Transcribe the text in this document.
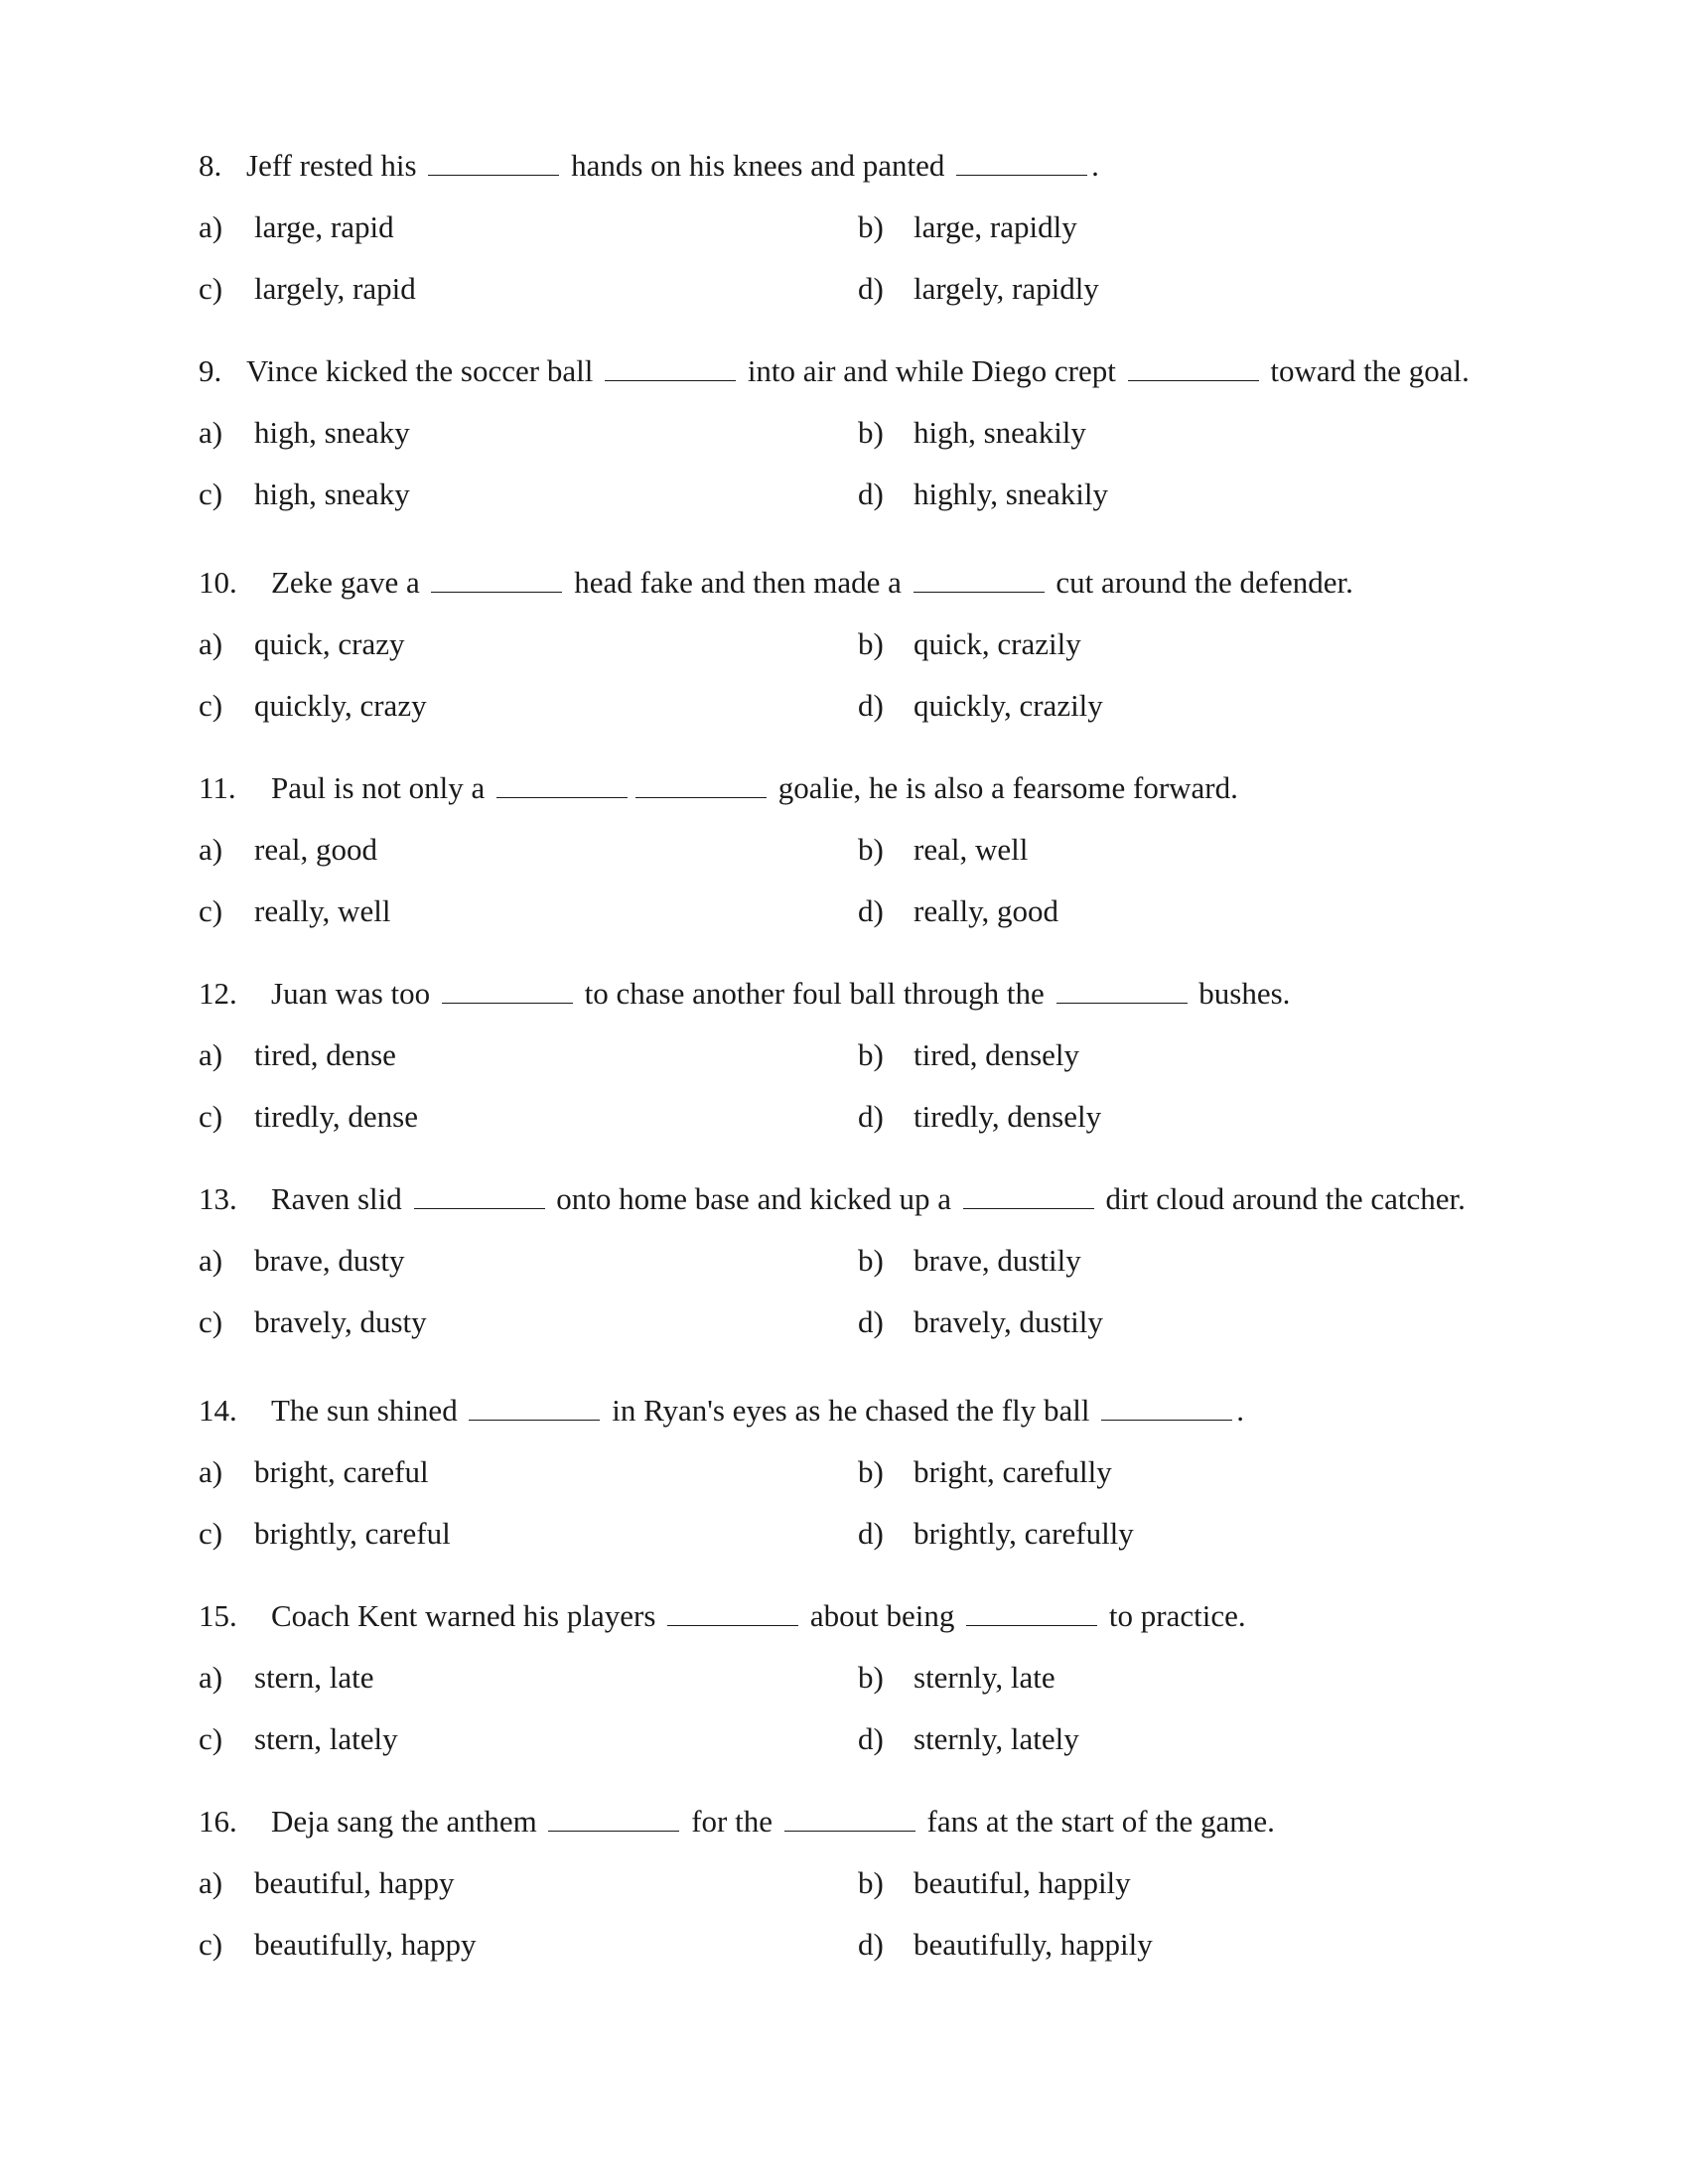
8. Jeff rested his	hands on his knees and panted	.
a) large, rapid	b) large, rapidly
c) largely, rapid	d) largely, rapidly
9. Vince kicked the soccer ball	into air and while Diego crept	toward the goal.
a) high, sneaky	b) high, sneakily
c) high, sneaky	d) highly, sneakily
10. Zeke gave a	head fake and then made a	cut around the defender.
a) quick, crazy	b) quick, crazily
c) quickly, crazy	d) quickly, crazily
11. Paul is not only a	goalie, he is also a fearsome forward.
a) real, good	b) real, well
c) really, well	d) really, good
12. Juan was too	to chase another foul ball through the	bushes.
a) tired, dense	b) tired, densely
c) tiredly, dense	d) tiredly, densely
13. Raven slid	onto home base and kicked up a	dirt cloud around the catcher.
a) brave, dusty	b) brave, dustily
c) bravely, dusty	d) bravely, dustily
14. The sun shined	in Ryan's eyes as he chased the fly ball	.
a) bright, careful	b) bright, carefully
c) brightly, careful	d) brightly, carefully
15. Coach Kent warned his players	about being	to practice.
a) stern, late	b) sternly, late
c) stern, lately	d) sternly, lately
16. Deja sang the anthem	for the	fans at the start of the game.
a) beautiful, happy	b) beautiful, happily
c) beautifully, happy	d) beautifully, happily
